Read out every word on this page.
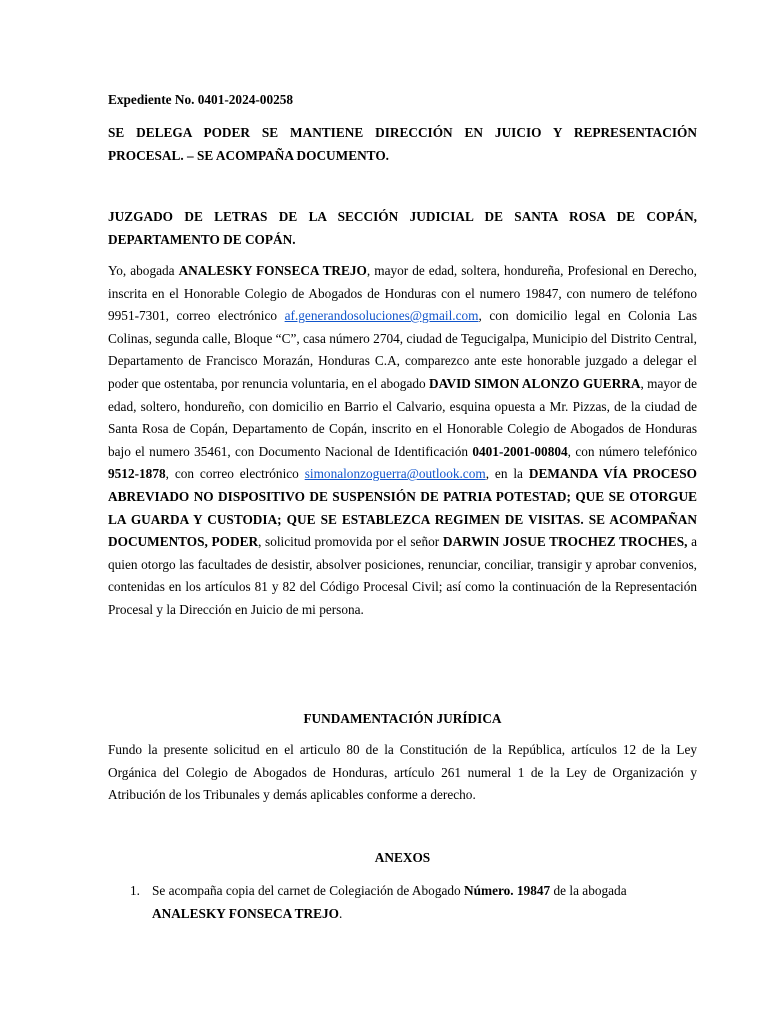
Expediente No. 0401-2024-00258
SE DELEGA PODER SE MANTIENE DIRECCIÓN EN JUICIO Y REPRESENTACIÓN PROCESAL. – SE ACOMPAÑA DOCUMENTO.
JUZGADO DE LETRAS DE LA SECCIÓN JUDICIAL DE SANTA ROSA DE COPÁN, DEPARTAMENTO DE COPÁN.
Yo, abogada ANALESKY FONSECA TREJO, mayor de edad, soltera, hondureña, Profesional en Derecho, inscrita en el Honorable Colegio de Abogados de Honduras con el numero 19847, con numero de teléfono 9951-7301, correo electrónico af.generandosoluciones@gmail.com, con domicilio legal en Colonia Las Colinas, segunda calle, Bloque “C”, casa número 2704, ciudad de Tegucigalpa, Municipio del Distrito Central, Departamento de Francisco Morazán, Honduras C.A, comparezco ante este honorable juzgado a delegar el poder que ostentaba, por renuncia voluntaria, en el abogado DAVID SIMON ALONZO GUERRA, mayor de edad, soltero, hondureño, con domicilio en Barrio el Calvario, esquina opuesta a Mr. Pizzas, de la ciudad de Santa Rosa de Copán, Departamento de Copán, inscrito en el Honorable Colegio de Abogados de Honduras bajo el numero 35461, con Documento Nacional de Identificación 0401-2001-00804, con número telefónico 9512-1878, con correo electrónico simonalonzoguerra@outlook.com, en la DEMANDA VÍA PROCESO ABREVIADO NO DISPOSITIVO DE SUSPENSIÓN DE PATRIA POTESTAD; QUE SE OTORGUE LA GUARDA Y CUSTODIA; QUE SE ESTABLEZCA REGIMEN DE VISITAS. SE ACOMPAÑAN DOCUMENTOS, PODER, solicitud promovida por el señor DARWIN JOSUE TROCHEZ TROCHES, a quien otorgo las facultades de desistir, absolver posiciones, renunciar, conciliar, transigir y aprobar convenios, contenidas en los artículos 81 y 82 del Código Procesal Civil; así como la continuación de la Representación Procesal y la Dirección en Juicio de mi persona.
FUNDAMENTACIÓN JURÍDICA
Fundo la presente solicitud en el articulo 80 de la Constitución de la República, artículos 12 de la Ley Orgánica del Colegio de Abogados de Honduras, artículo 261 numeral 1 de la Ley de Organización y Atribución de los Tribunales y demás aplicables conforme a derecho.
ANEXOS
1. Se acompaña copia del carnet de Colegiación de Abogado Número. 19847 de la abogada ANALESKY FONSECA TREJO.
